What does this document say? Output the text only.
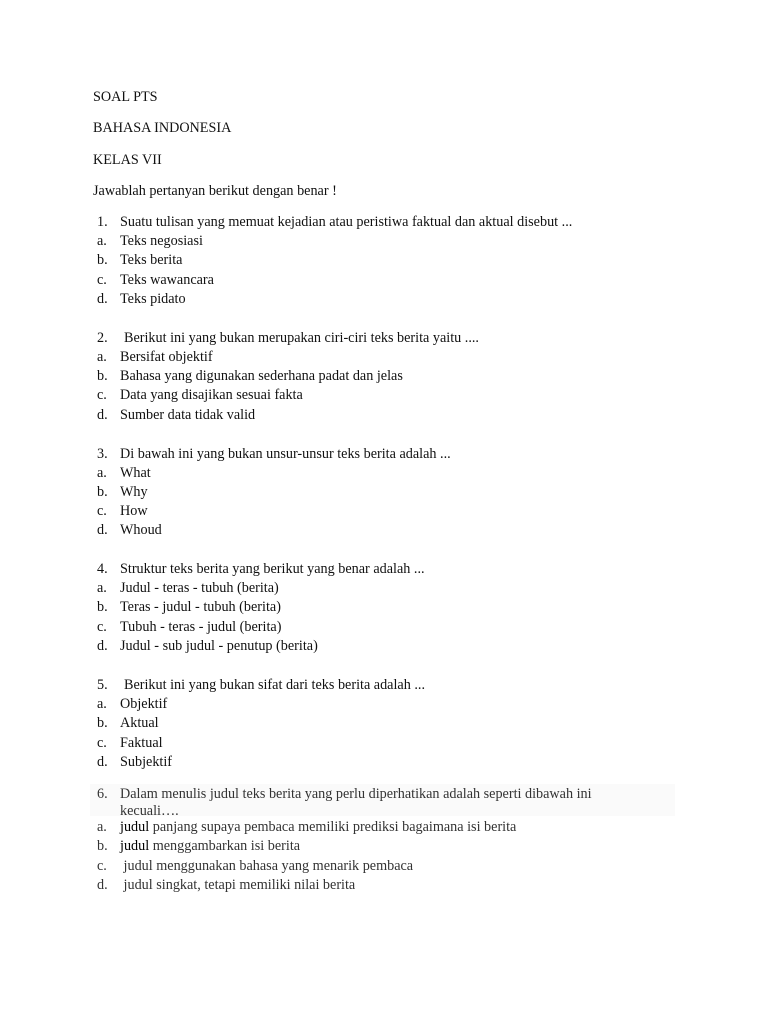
SOAL PTS
BAHASA INDONESIA
KELAS VII
Jawablah pertanyan berikut dengan benar !
1. Suatu tulisan yang memuat kejadian atau peristiwa faktual dan aktual disebut ...
a. Teks negosiasi
b. Teks berita
c. Teks wawancara
d. Teks pidato
2. Berikut ini yang bukan merupakan ciri-ciri teks berita yaitu ....
a. Bersifat objektif
b. Bahasa yang digunakan sederhana padat dan jelas
c. Data yang disajikan sesuai fakta
d. Sumber data tidak valid
3. Di bawah ini yang bukan unsur-unsur teks berita adalah ...
a. What
b. Why
c. How
d. Whoud
4. Struktur teks berita yang berikut yang benar adalah ...
a. Judul - teras - tubuh (berita)
b. Teras - judul - tubuh (berita)
c. Tubuh - teras - judul (berita)
d. Judul - sub judul - penutup (berita)
5. Berikut ini yang bukan sifat dari teks berita adalah ...
a. Objektif
b. Aktual
c. Faktual
d. Subjektif
6. Dalam menulis judul teks berita yang perlu diperhatikan adalah seperti dibawah ini
kecuali….
a. judul panjang supaya pembaca memiliki prediksi bagaimana isi berita
b. judul menggambarkan isi berita
c. judul menggunakan bahasa yang menarik pembaca
d. judul singkat, tetapi memiliki nilai berita
